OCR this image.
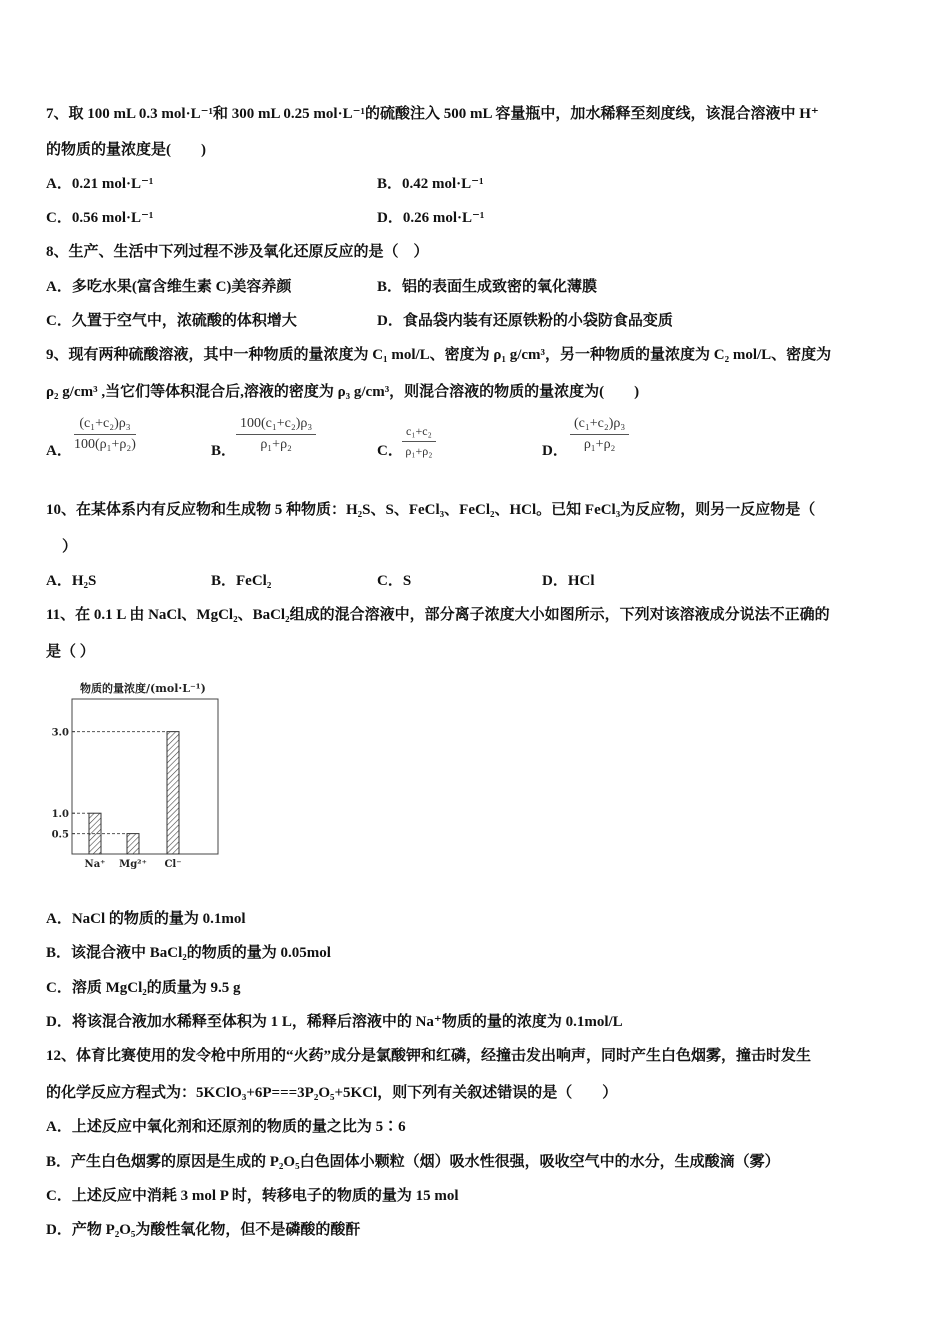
7、取 100 mL 0.3 mol·L⁻¹和 300 mL 0.25 mol·L⁻¹的硫酸注入 500 mL 容量瓶中，加水稀释至刻度线，该混合溶液中 H⁺
的物质的量浓度是(　　)
A．0.21 mol·L⁻¹	B．0.42 mol·L⁻¹
C．0.56 mol·L⁻¹	D．0.26 mol·L⁻¹
8、生产、生活中下列过程不涉及氧化还原反应的是（　）
A．多吃水果(富含维生素 C)美容养颜	B．铝的表面生成致密的氧化薄膜
C．久置于空气中，浓硫酸的体积增大	D．食品袋内装有还原铁粉的小袋防食品变质
9、现有两种硫酸溶液，其中一种物质的量浓度为 C₁ mol/L、密度为 ρ₁ g/cm³，另一种物质的量浓度为 C₂ mol/L、密度为
ρ₂ g/cm³ ,当它们等体积混合后,溶液的密度为 ρ₃ g/cm³，则混合溶液的物质的量浓度为(　　)
A． $\frac{\text{(c₁+c₂)ρ₃}}{\text{100(ρ₁+ρ₂)}}$	B． $\frac{\text{100(c₁+c₂)ρ₃}}{\text{ρ₁+ρ₂}}$	C． $\frac{\text{c₁+c₂}}{\text{ρ₁+ρ₂}}$	D． $\frac{\text{(c₁+c₂)ρ₃}}{\text{ρ₁+ρ₂}}$
10、在某体系内有反应物和生成物 5 种物质：H₂S、S、FeCl₃、FeCl₂、HCl。已知 FeCl₃为反应物，则另一反应物是（
）
A．H₂S	B．FeCl₂	C．S	D．HCl
11、在 0.1 L 由 NaCl、MgCl₂、BaCl₂组成的混合溶液中，部分离子浓度大小如图所示，下列对该溶液成分说法不正确的
是（ ）
物质的量浓度/(mol·L⁻¹)
0.5
1.0
3.0
Na⁺ Mg²⁺ Cl⁻
A．NaCl 的物质的量为 0.1mol
B．该混合液中 BaCl₂的物质的量为 0.05mol
C．溶质 MgCl₂的质量为 9.5 g
D．将该混合液加水稀释至体积为 1 L，稀释后溶液中的 Na⁺物质的量的浓度为 0.1mol/L
12、体育比赛使用的发令枪中所用的“火药”成分是氯酸钾和红磷，经撞击发出响声，同时产生白色烟雾，撞击时发生
的化学反应方程式为：5KClO₃+6P===3P₂O₅+5KCl，则下列有关叙述错误的是（　　）
A．上述反应中氧化剂和还原剂的物质的量之比为 5∶6
B．产生白色烟雾的原因是生成的 P₂O₅白色固体小颗粒（烟）吸水性很强，吸收空气中的水分，生成酸滴（雾）
C．上述反应中消耗 3 mol P 时，转移电子的物质的量为 15 mol
D．产物 P₂O₅为酸性氧化物，但不是磷酸的酸酐
